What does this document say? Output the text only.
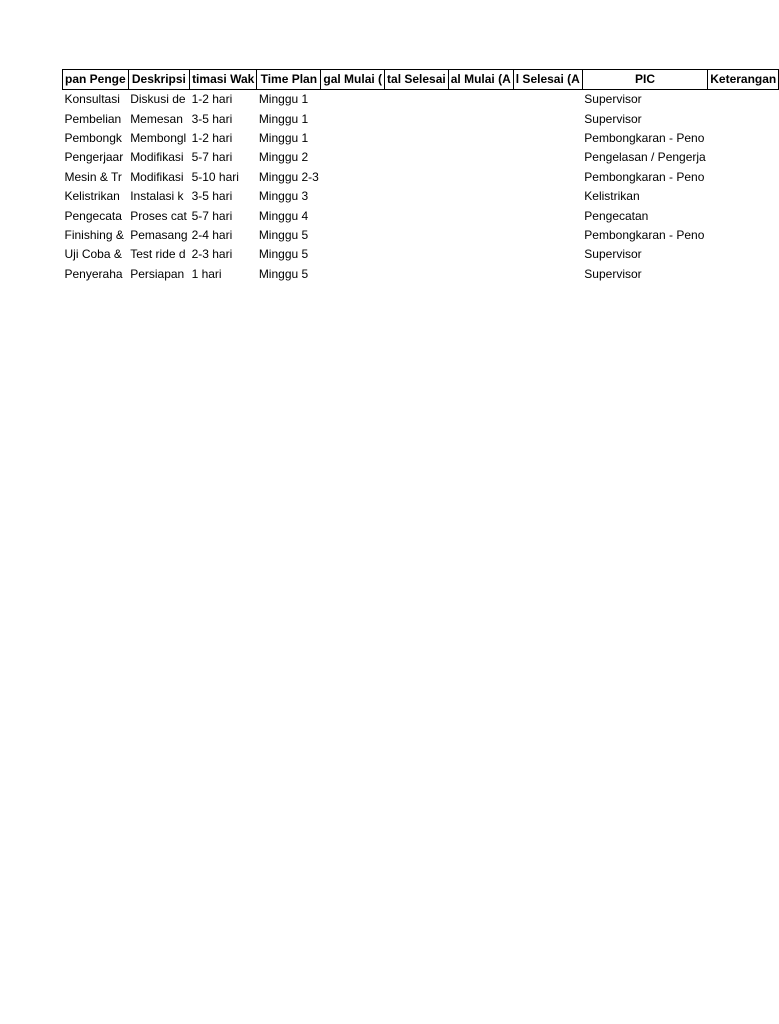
pan Penge	Deskripsi	timasi Wak	Time Plan	gal Mulai (	tal Selesai	al Mulai (A	l Selesai (A	PIC	Keterangan
Konsultasi	Diskusi de	1-2 hari	Minggu 1					Supervisor	
Pembelian	Memesan	3-5 hari	Minggu 1					Supervisor	
Pembongk	Membongl	1-2 hari	Minggu 1					Pembongkaran - Peno	
Pengerjaar	Modifikasi	5-7 hari	Minggu 2					Pengelasan / Pengerja	
Mesin & Tr	Modifikasi	5-10 hari	Minggu 2-3					Pembongkaran - Peno	
Kelistrikan	Instalasi k	3-5 hari	Minggu 3					Kelistrikan	
Pengecata	Proses cat	5-7 hari	Minggu 4					Pengecatan	
Finishing &	Pemasang	2-4 hari	Minggu 5					Pembongkaran - Peno	
Uji Coba &	Test ride d	2-3 hari	Minggu 5					Supervisor	
Penyeraha	Persiapan	1 hari	Minggu 5					Supervisor	
